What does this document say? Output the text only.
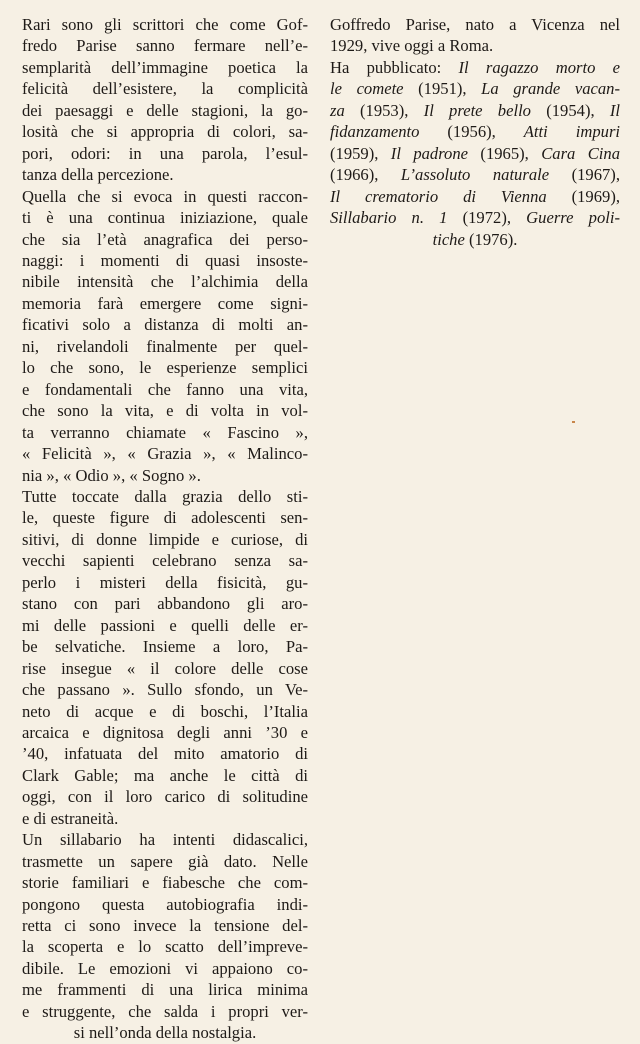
Rari sono gli scrittori che come Gof-
fredo Parise sanno fermare nell’e-
semplarità dell’immagine poetica la
felicità dell’esistere, la complicità
dei paesaggi e delle stagioni, la go-
losità che si appropria di colori, sa-
pori, odori: in una parola, l’esul-
tanza della percezione.
Quella che si evoca in questi raccon-
ti è una continua iniziazione, quale
che sia l’età anagrafica dei perso-
naggi: i momenti di quasi insoste-
nibile intensità che l’alchimia della
memoria farà emergere come signi-
ficativi solo a distanza di molti an-
ni, rivelandoli finalmente per quel-
lo che sono, le esperienze semplici
e fondamentali che fanno una vita,
che sono la vita, e di volta in vol-
ta verranno chiamate « Fascino »,
« Felicità », « Grazia », « Malinco-
nia », « Odio », « Sogno ».
Tutte toccate dalla grazia dello sti-
le, queste figure di adolescenti sen-
sitivi, di donne limpide e curiose, di
vecchi sapienti celebrano senza sa-
perlo i misteri della fisicità, gu-
stano con pari abbandono gli aro-
mi delle passioni e quelli delle er-
be selvatiche. Insieme a loro, Pa-
rise insegue « il colore delle cose
che passano ». Sullo sfondo, un Ve-
neto di acque e di boschi, l’Italia
arcaica e dignitosa degli anni ’30 e
’40, infatuata del mito amatorio di
Clark Gable; ma anche le città di
oggi, con il loro carico di solitudine
e di estraneità.
Un sillabario ha intenti didascalici,
trasmette un sapere già dato. Nelle
storie familiari e fiabesche che com-
pongono questa autobiografia indi-
retta ci sono invece la tensione del-
la scoperta e lo scatto dell’impreve-
dibile. Le emozioni vi appaiono co-
me frammenti di una lirica minima
e struggente, che salda i propri ver-
si nell’onda della nostalgia.
Goffredo Parise, nato a Vicenza nel
1929, vive oggi a Roma.
Ha pubblicato: Il ragazzo morto e
le comete (1951), La grande vacan-
za (1953), Il prete bello (1954), Il
fidanzamento (1956), Atti impuri
(1959), Il padrone (1965), Cara Cina
(1966), L’assoluto naturale (1967),
Il crematorio di Vienna (1969),
Sillabario n. 1 (1972), Guerre poli-
tiche (1976).
